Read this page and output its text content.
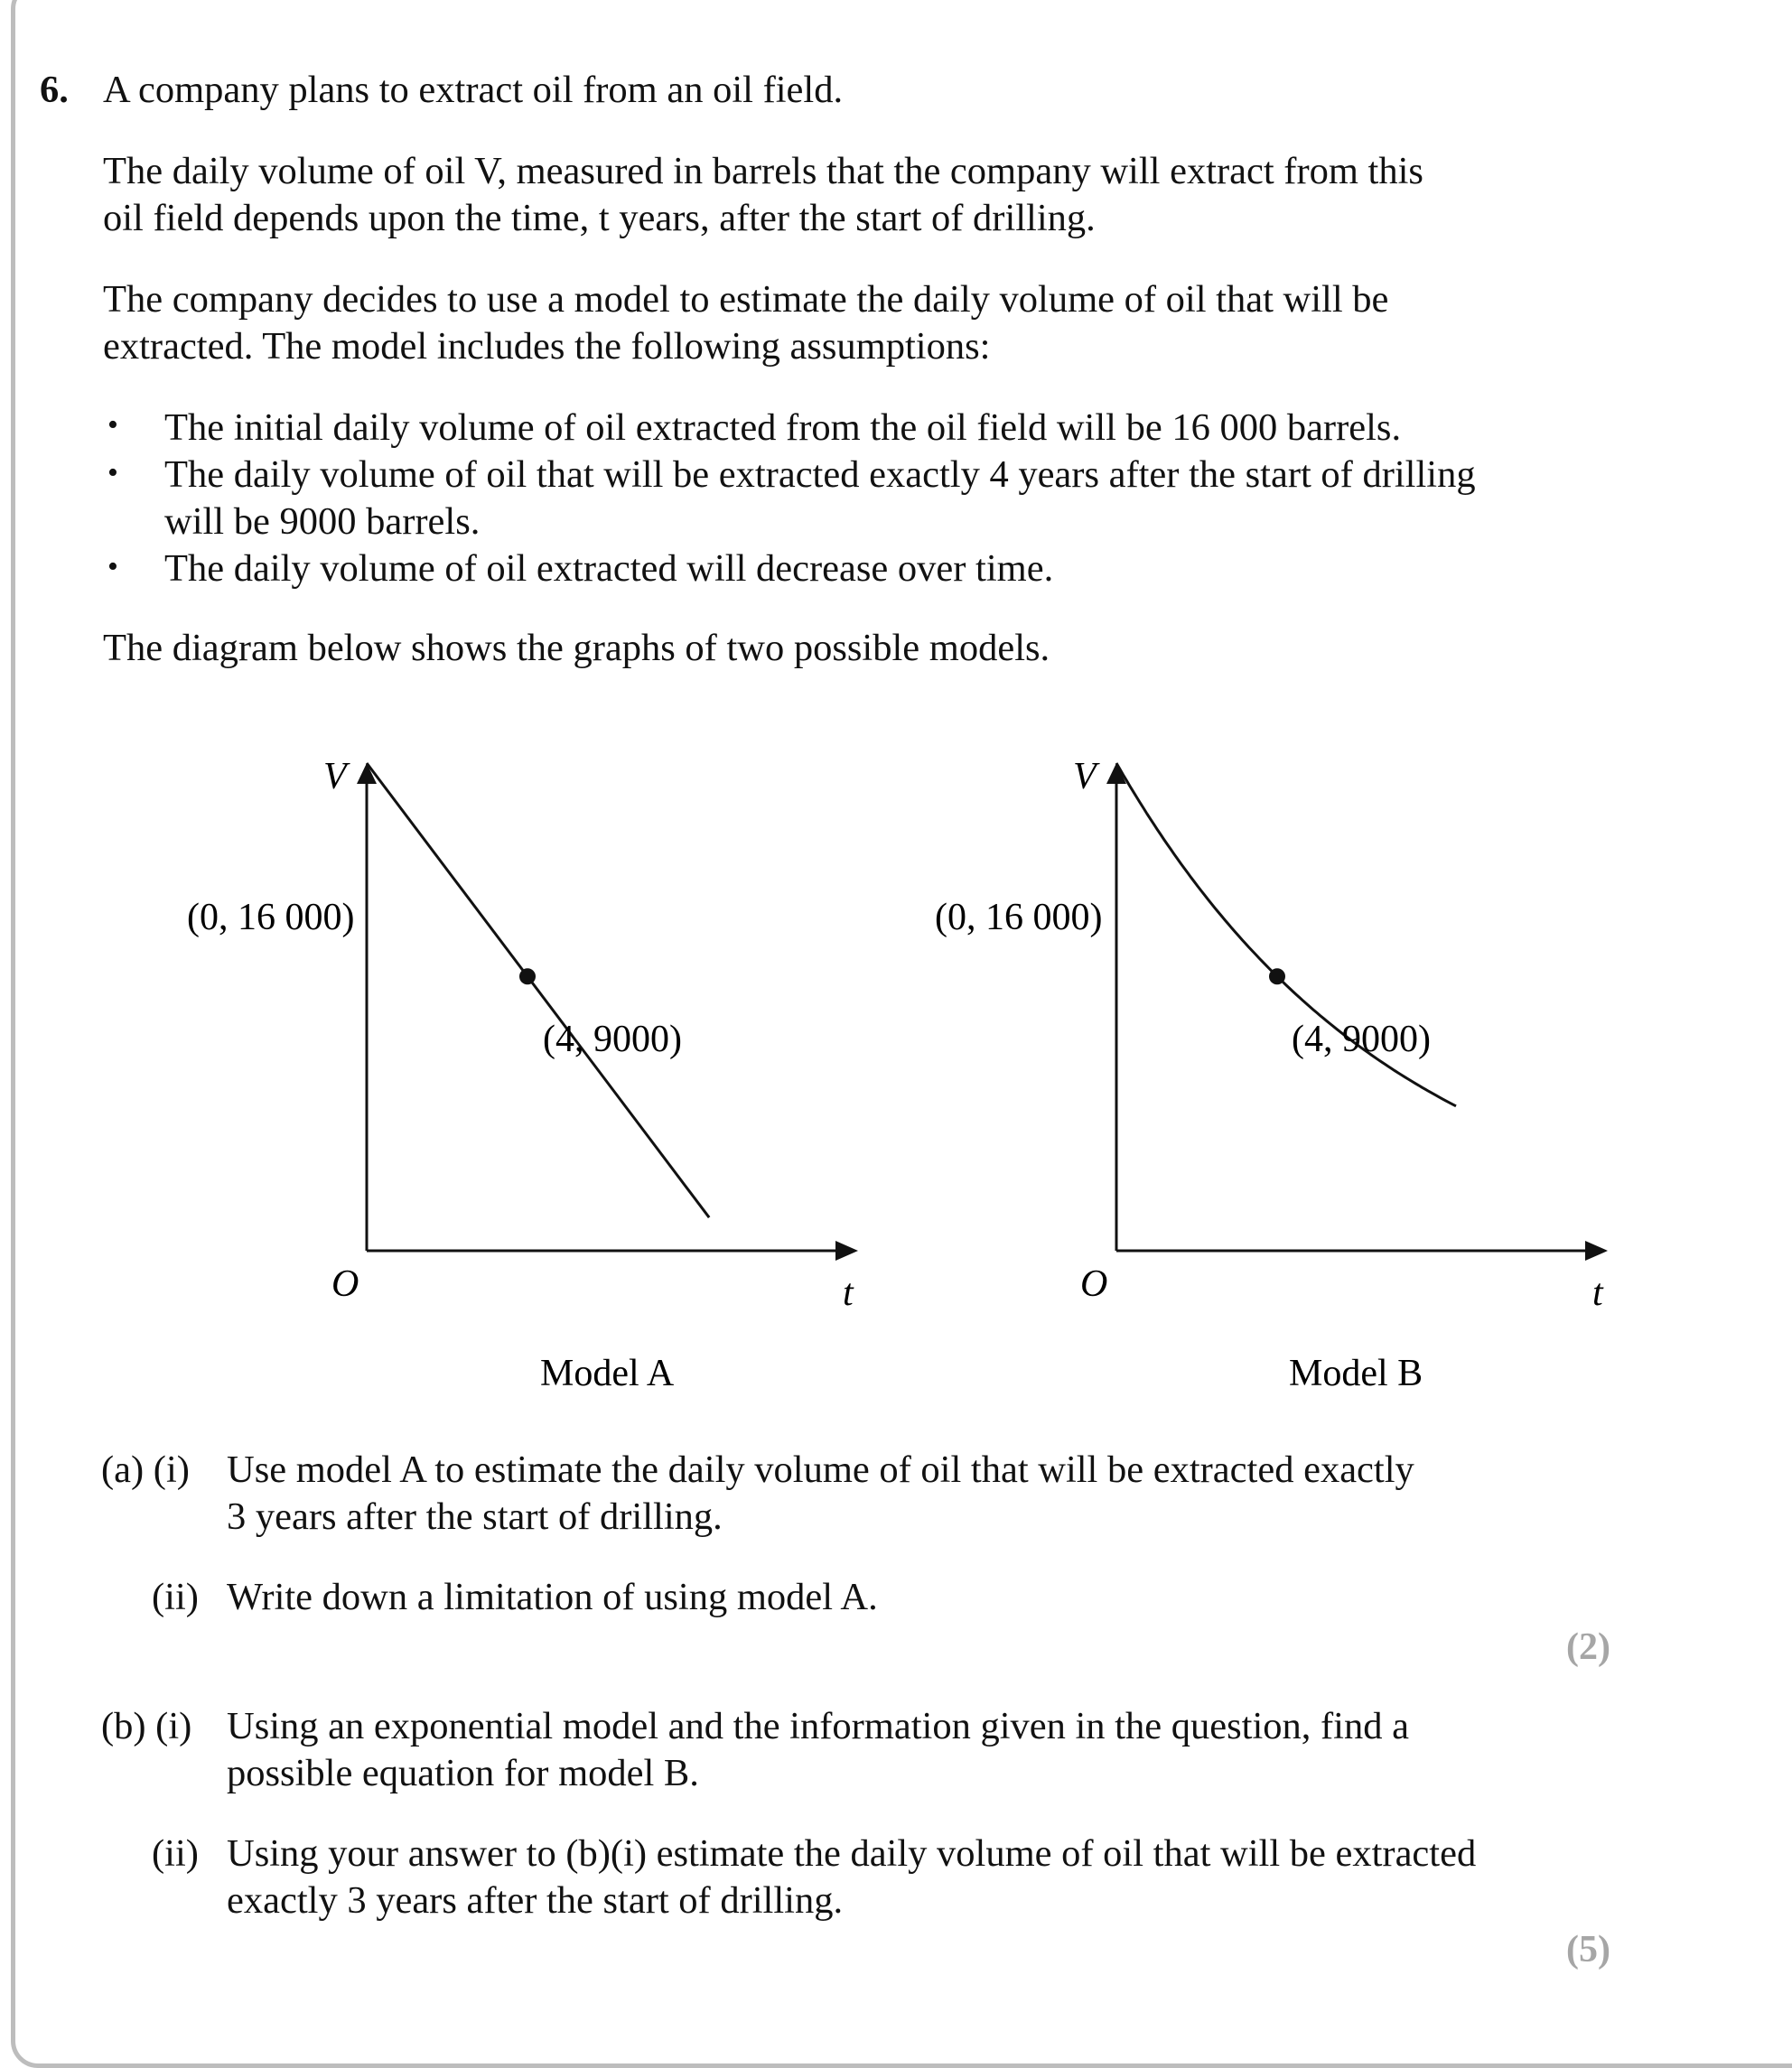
6. A company plans to extract oil from an oil field.
The daily volume of oil V, measured in barrels that the company will extract from this
oil field depends upon the time, t years, after the start of drilling.
The company decides to use a model to estimate the daily volume of oil that will be
extracted. The model includes the following assumptions:
• The initial daily volume of oil extracted from the oil field will be 16 000 barrels.
• The daily volume of oil that will be extracted exactly 4 years after the start of drilling
will be 9000 barrels.
• The daily volume of oil extracted will decrease over time.
The diagram below shows the graphs of two possible models.
V
O	t
(0, 16 000)
(4, 9000)
Model A
V
O	t
(0, 16 000)
(4, 9000)
Model B
(a) (i) Use model A to estimate the daily volume of oil that will be extracted exactly
3 years after the start of drilling.
(ii) Write down a limitation of using model A.
(2)
(b) (i) Using an exponential model and the information given in the question, find a
possible equation for model B.
(ii) Using your answer to (b)(i) estimate the daily volume of oil that will be extracted
exactly 3 years after the start of drilling.
(5)
